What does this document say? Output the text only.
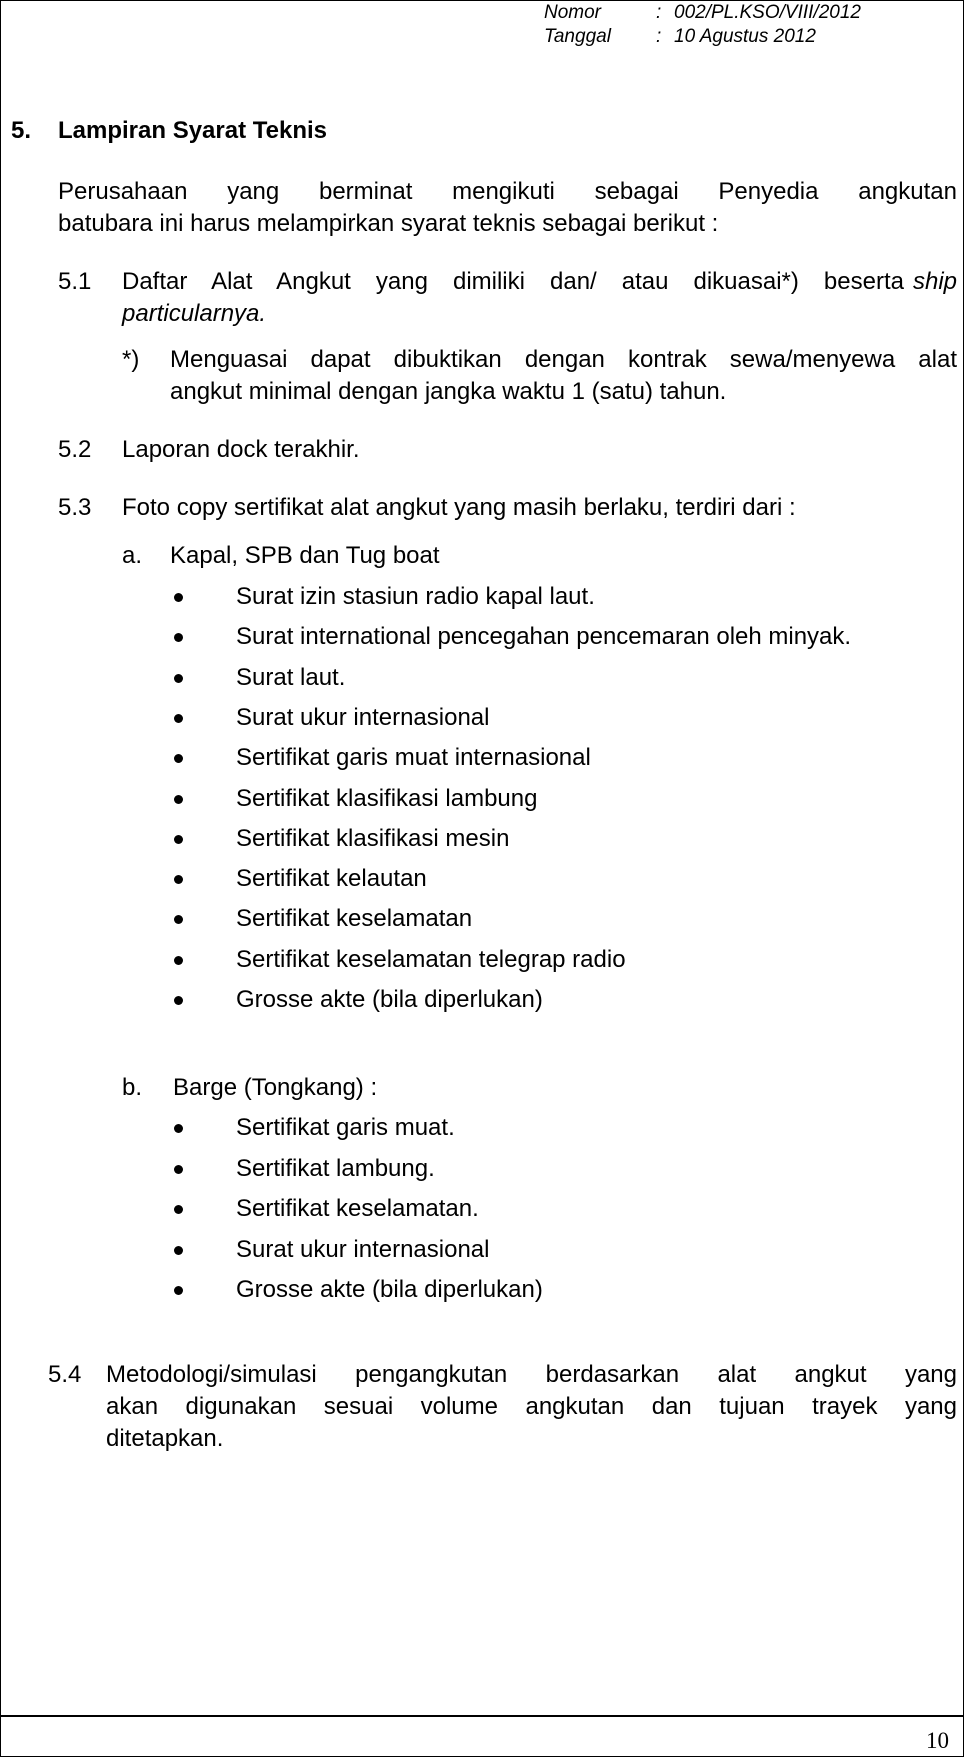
Nomor	: 002/PL.KSO/VIII/2012
Tanggal : 10 Agustus 2012
5. Lampiran Syarat Teknis
Perusahaan yang berminat mengikuti sebagai Penyedia angkutan
batubara ini harus melampirkan syarat teknis sebagai berikut :
5.1 Daftar Alat Angkut yang dimiliki dan/ atau dikuasai*) beserta ship
particularnya.
*) Menguasai dapat dibuktikan dengan kontrak sewa/menyewa alat
angkut minimal dengan jangka waktu 1 (satu) tahun.
5.2 Laporan dock terakhir.
5.3 Foto copy sertifikat alat angkut yang masih berlaku, terdiri dari :
a. Kapal, SPB dan Tug boat
Surat izin stasiun radio kapal laut.
Surat international pencegahan pencemaran oleh minyak.
Surat laut.
Surat ukur internasional
Sertifikat garis muat internasional
Sertifikat klasifikasi lambung
Sertifikat klasifikasi mesin
Sertifikat kelautan
Sertifikat keselamatan
Sertifikat keselamatan telegrap radio
Grosse akte (bila diperlukan)
b. Barge (Tongkang) :
Sertifikat garis muat.
Sertifikat lambung.
Sertifikat keselamatan.
Surat ukur internasional
Grosse akte (bila diperlukan)
5.4 Metodologi/simulasi pengangkutan berdasarkan alat angkut yang
akan digunakan sesuai volume angkutan dan tujuan trayek yang
ditetapkan.
10
